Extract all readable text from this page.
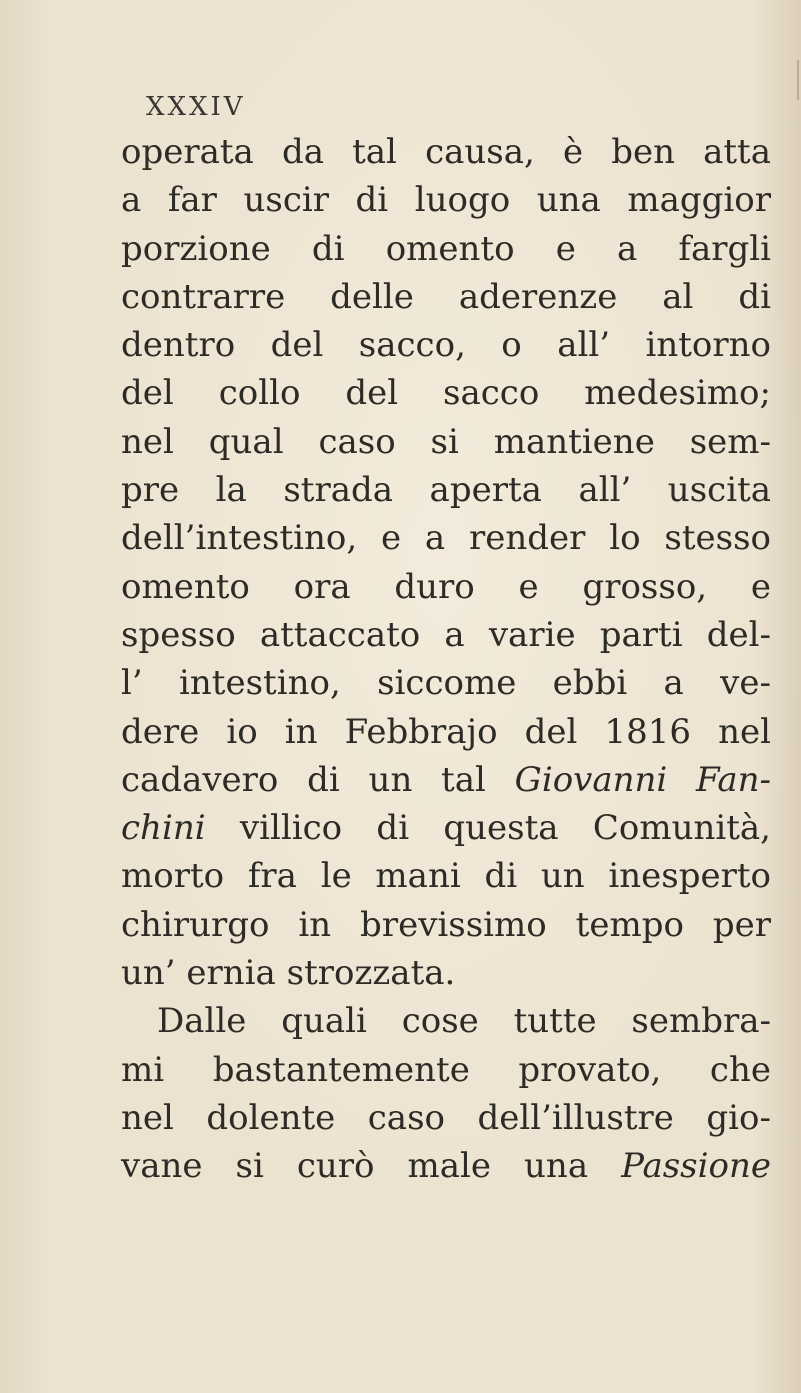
XXXIV
operata da tal causa, è ben atta
a far uscir di luogo una maggior
porzione di omento e a fargli
contrarre delle aderenze al di
dentro del sacco, o all’ intorno
del collo del sacco medesimo;
nel qual caso si mantiene sem-
pre la strada aperta all’ uscita
dell’intestino, e a render lo stesso
omento ora duro e grosso, e
spesso attaccato a varie parti del-
l’ intestino, siccome ebbi a ve-
dere io in Febbrajo del 1816 nel
cadavero di un tal Giovanni Fan-
chini villico di questa Comunità,
morto fra le mani di un inesperto
chirurgo in brevissimo tempo per
un’ ernia strozzata.
Dalle quali cose tutte sembra-
mi bastantemente provato, che
nel dolente caso dell’illustre gio-
vane si curò male una Passione
